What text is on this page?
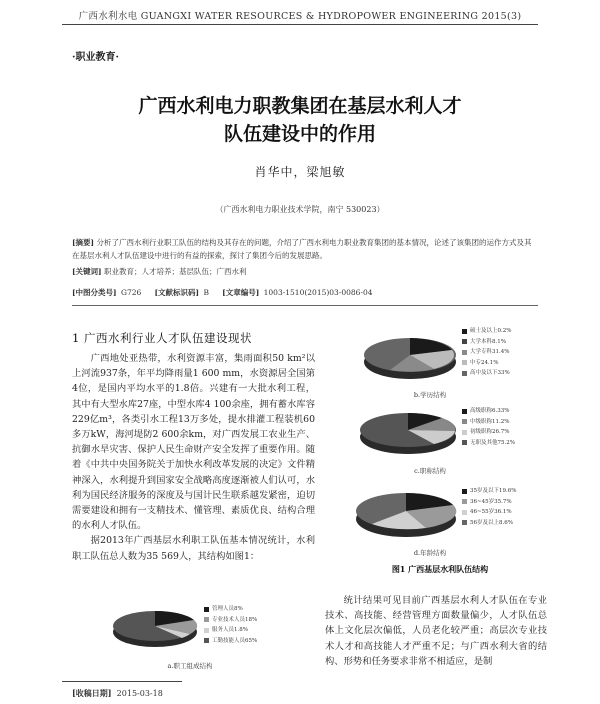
广西水利水电 GUANGXI WATER RESOURCES & HYDROPOWER ENGINEERING 2015(3)
·职业教育·
广西水利电力职教集团在基层水利人才
队伍建设中的作用
肖华中，梁旭敏
（广西水利电力职业技术学院，南宁 530023）
[摘要] 分析了广西水利行业职工队伍的结构及其存在的问题，介绍了广西水利电力职业教育集团的基本情况，论述了该集团的运作方式及其在基层水利人才队伍建设中进行的有益的探索，探讨了集团今后的发展思路。
[关键词] 职业教育；人才培养；基层队伍；广西水利
[中图分类号] G726 [文献标识码] B [文章编号] 1003-1510(2015)03-0086-04
1 广西水利行业人才队伍建设现状

广西地处亚热带，水利资源丰富，集雨面积50 km²以上河流937条，年平均降雨量1 600 mm，水资源居全国第4位，是国内平均水平的1.8倍。兴建有一大批水利工程，其中有大型水库27座，中型水库4 100余座，拥有蓄水库容229亿m³，各类引水工程13万多处，提水排灌工程装机60多万kW，海河堤防2 600余km，对广西发展工农业生产、抗御水旱灾害、保护人民生命财产安全发挥了重要作用。随着《中共中央国务院关于加快水利改革发展的决定》文件精神深入，水利提升到国家安全战略高度逐渐被人们认可，水利为国民经济服务的深度及与国计民生联系越发紧密，迫切需要建设和拥有一支精技术、懂管理、素质优良、结构合理的水利人才队伍。

据2013年广西基层水利职工队伍基本情况统计，水利职工队伍总人数为35 569人，其结构如图1：

管理人员8%
专业技术人员18%
服务人员1.8%
工勤技能人员65%
a.职工组成结构
硕士及以上0.2%
大学本科8.1%
大学专科31.4%
中专24.1%
高中及以下33%
b.学历结构
高级职称6.33%
中级职称11.2%
初级职称26.7%
无职及其他75.2%
c.职称结构
35岁及以下19.6%
36~45岁35.7%
46~55岁36.1%
56岁及以上8.6%
d.年龄结构
图1 广西基层水利队伍结构

统计结果可见目前广西基层水利人才队伍在专业技术、高技能、经营管理方面数量偏少，人才队伍总体上文化层次偏低，人员老化较严重；高层次专业技术人才和高技能人才严重不足；与广西水利大省的结构、形势和任务要求非常不相适应，是制

[收稿日期] 2015-03-18
